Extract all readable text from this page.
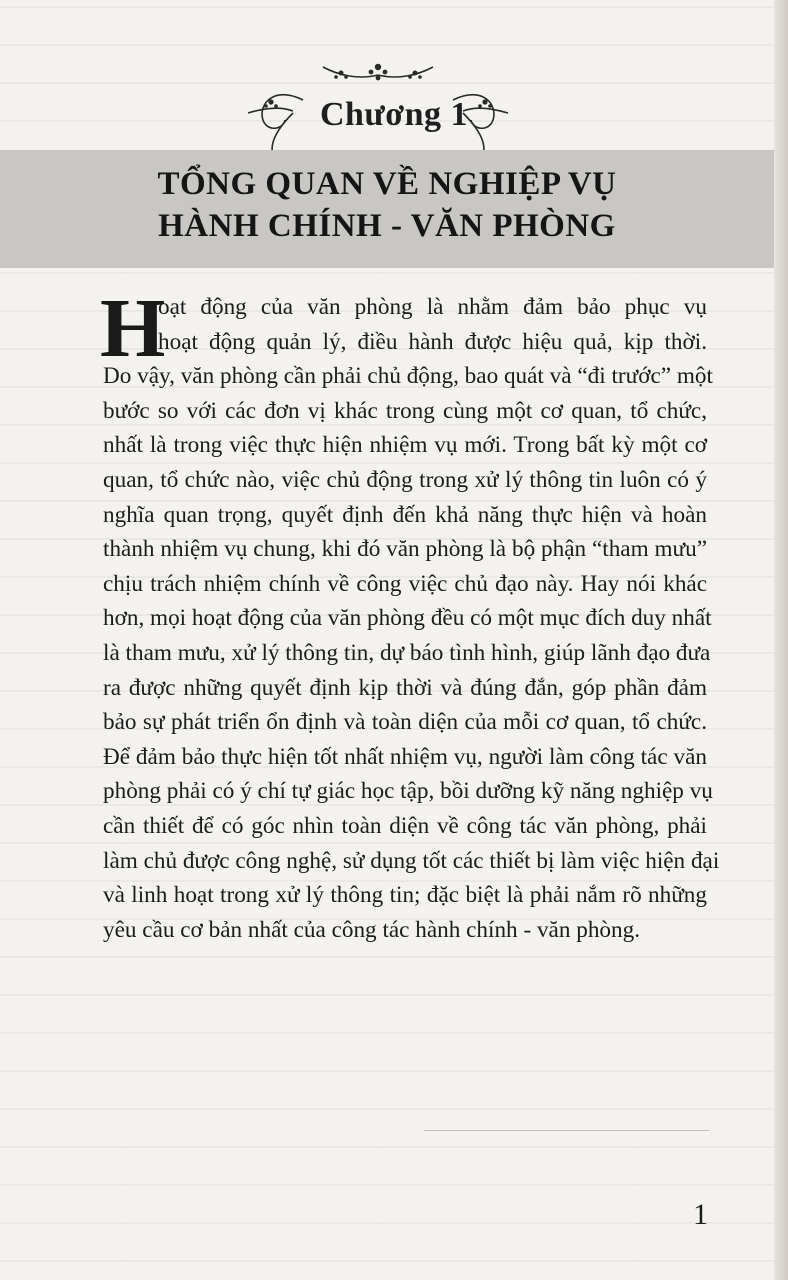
Chương 1
TỔNG QUAN VỀ NGHIỆP VỤ
HÀNH CHÍNH - VĂN PHÒNG
H
oạt động của văn phòng là nhằm đảm bảo phục vụ
hoạt động quản lý, điều hành được hiệu quả, kịp thời.
Do vậy, văn phòng cần phải chủ động, bao quát và “đi trước” một
bước so với các đơn vị khác trong cùng một cơ quan, tổ chức,
nhất là trong việc thực hiện nhiệm vụ mới. Trong bất kỳ một cơ
quan, tổ chức nào, việc chủ động trong xử lý thông tin luôn có ý
nghĩa quan trọng, quyết định đến khả năng thực hiện và hoàn
thành nhiệm vụ chung, khi đó văn phòng là bộ phận “tham mưu”
chịu trách nhiệm chính về công việc chủ đạo này. Hay nói khác
hơn, mọi hoạt động của văn phòng đều có một mục đích duy nhất
là tham mưu, xử lý thông tin, dự báo tình hình, giúp lãnh đạo đưa
ra được những quyết định kịp thời và đúng đắn, góp phần đảm
bảo sự phát triển ổn định và toàn diện của mỗi cơ quan, tổ chức.
Để đảm bảo thực hiện tốt nhất nhiệm vụ, người làm công tác văn
phòng phải có ý chí tự giác học tập, bồi dưỡng kỹ năng nghiệp vụ
cần thiết để có góc nhìn toàn diện về công tác văn phòng, phải
làm chủ được công nghệ, sử dụng tốt các thiết bị làm việc hiện đại
và linh hoạt trong xử lý thông tin; đặc biệt là phải nắm rõ những
yêu cầu cơ bản nhất của công tác hành chính - văn phòng.
1
